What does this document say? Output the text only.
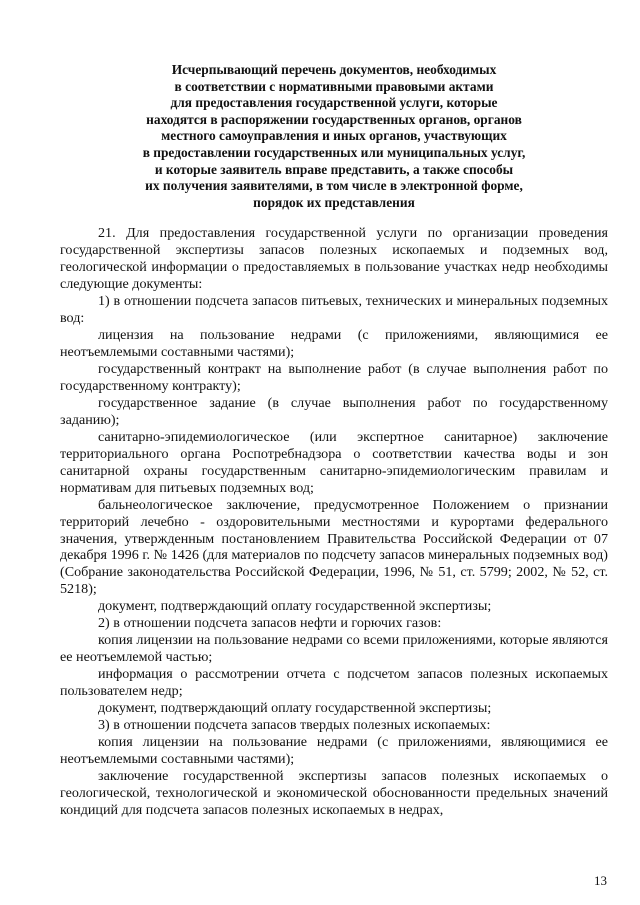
Исчерпывающий перечень документов, необходимых
в соответствии с нормативными правовыми актами
для предоставления государственной услуги, которые
находятся в распоряжении государственных органов, органов
местного самоуправления и иных органов, участвующих
в предоставлении государственных или муниципальных услуг,
и которые заявитель вправе представить, а также способы
их получения заявителями, в том числе в электронной форме,
порядок их представления

21. Для предоставления государственной услуги по организации проведения государственной экспертизы запасов полезных ископаемых и подземных вод, геологической информации о предоставляемых в пользование участках недр необходимы следующие документы:

1) в отношении подсчета запасов питьевых, технических и минеральных подземных вод:

лицензия на пользование недрами (с приложениями, являющимися ее неотъемлемыми составными частями);

государственный контракт на выполнение работ (в случае выполнения работ по государственному контракту);

государственное задание (в случае выполнения работ по государственному заданию);

санитарно-эпидемиологическое (или экспертное санитарное) заключение территориального органа Роспотребнадзора о соответствии качества воды и зон санитарной охраны государственным санитарно-эпидемиологическим правилам и нормативам для питьевых подземных вод;

бальнеологическое заключение, предусмотренное Положением о признании территорий лечебно - оздоровительными местностями и курортами федерального значения, утвержденным постановлением Правительства Российской Федерации от 07 декабря 1996 г. № 1426 (для материалов по подсчету запасов минеральных подземных вод) (Собрание законодательства Российской Федерации, 1996, № 51, ст. 5799; 2002, № 52, ст. 5218);

документ, подтверждающий оплату государственной экспертизы;

2) в отношении подсчета запасов нефти и горючих газов:

копия лицензии на пользование недрами со всеми приложениями, которые являются ее неотъемлемой частью;

информация о рассмотрении отчета с подсчетом запасов полезных ископаемых пользователем недр;

документ, подтверждающий оплату государственной экспертизы;

3) в отношении подсчета запасов твердых полезных ископаемых:

копия лицензии на пользование недрами (с приложениями, являющимися ее неотъемлемыми составными частями);

заключение государственной экспертизы запасов полезных ископаемых о геологической, технологической и экономической обоснованности предельных значений кондиций для подсчета запасов полезных ископаемых в недрах,

13
